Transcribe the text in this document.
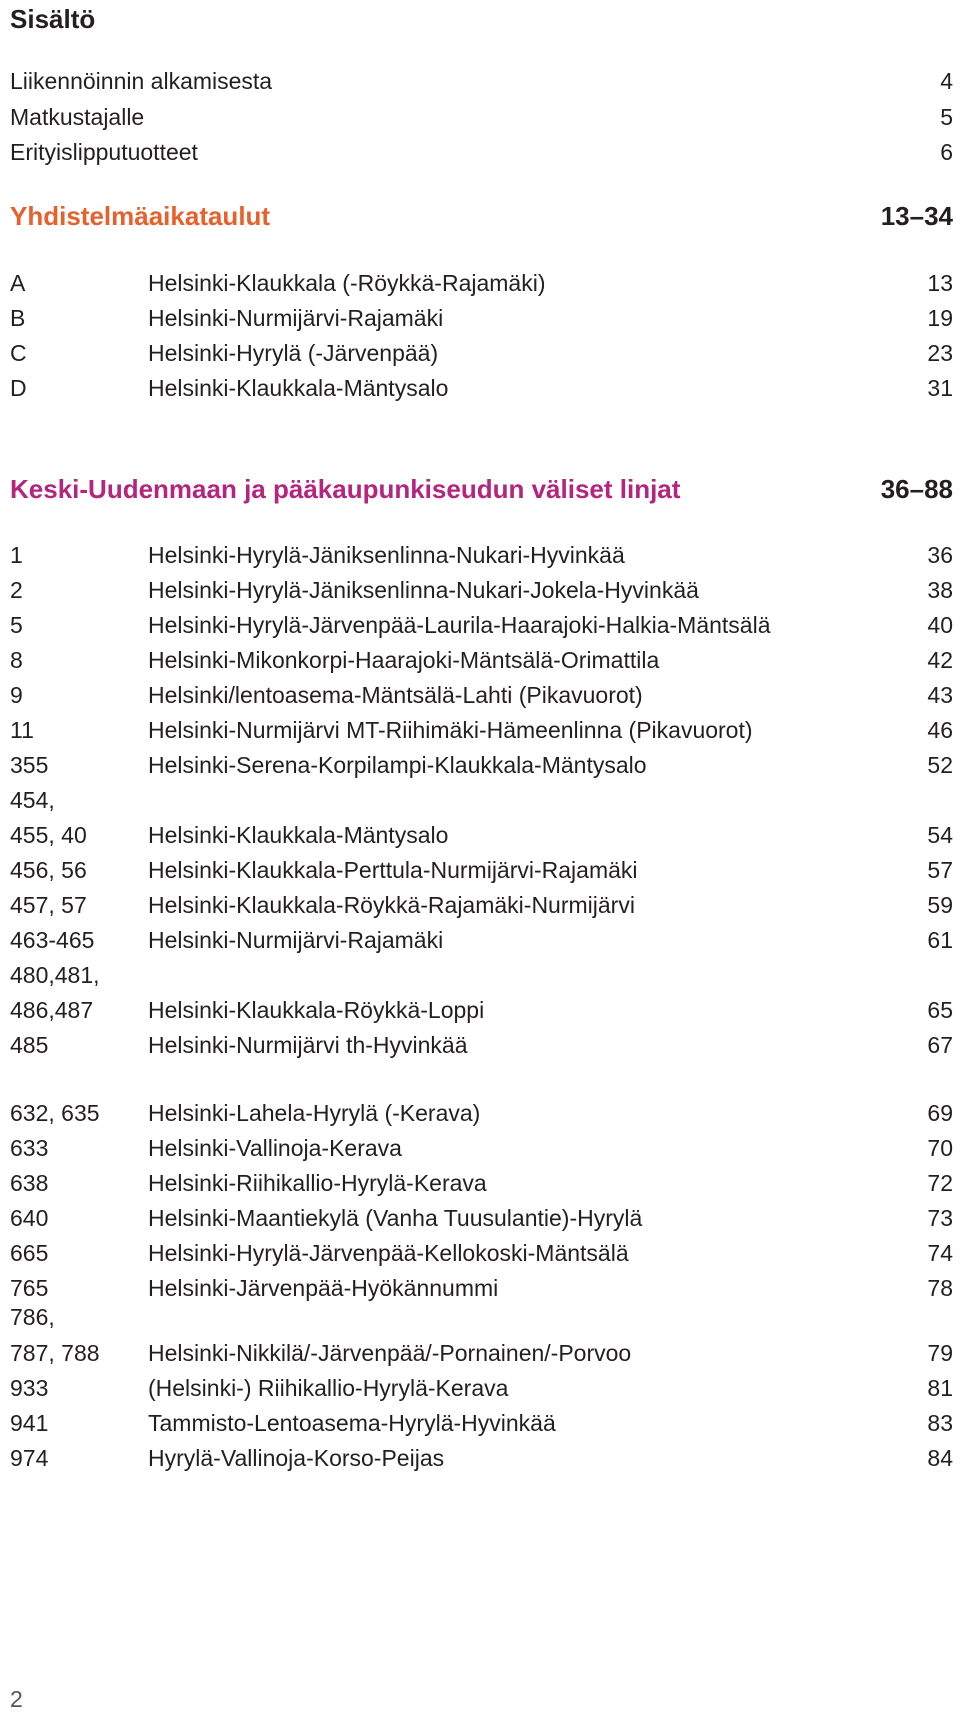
Sisältö
Liikennöinnin alkamisesta	4
Matkustajalle	5
Erityislipputuotteet	6
Yhdistelmäaikataulut	13–34
A	Helsinki-Klaukkala (-Röykkä-Rajamäki)	13
B	Helsinki-Nurmijärvi-Rajamäki	19
C	Helsinki-Hyrylä (-Järvenpää)	23
D	Helsinki-Klaukkala-Mäntysalo	31
Keski-Uudenmaan ja pääkaupunkiseudun väliset linjat	36–88
1	Helsinki-Hyrylä-Jäniksenlinna-Nukari-Hyvinkää	36
2	Helsinki-Hyrylä-Jäniksenlinna-Nukari-Jokela-Hyvinkää	38
5	Helsinki-Hyrylä-Järvenpää-Laurila-Haarajoki-Halkia-Mäntsälä	40
8	Helsinki-Mikonkorpi-Haarajoki-Mäntsälä-Orimattila	42
9	Helsinki/lentoasema-Mäntsälä-Lahti (Pikavuorot)	43
11	Helsinki-Nurmijärvi MT-Riihimäki-Hämeenlinna (Pikavuorot)	46
355	Helsinki-Serena-Korpilampi-Klaukkala-Mäntysalo	52
454,
455, 40	Helsinki-Klaukkala-Mäntysalo	54
456, 56	Helsinki-Klaukkala-Perttula-Nurmijärvi-Rajamäki	57
457, 57	Helsinki-Klaukkala-Röykkä-Rajamäki-Nurmijärvi	59
463-465 Helsinki-Nurmijärvi-Rajamäki	61
480,481,
486,487 Helsinki-Klaukkala-Röykkä-Loppi	65
485	Helsinki-Nurmijärvi th-Hyvinkää	67
632, 635 Helsinki-Lahela-Hyrylä (-Kerava)	69
633	Helsinki-Vallinoja-Kerava	70
638	Helsinki-Riihikallio-Hyrylä-Kerava	72
640	Helsinki-Maantiekylä (Vanha Tuusulantie)-Hyrylä	73
665	Helsinki-Hyrylä-Järvenpää-Kellokoski-Mäntsälä	74
765	Helsinki-Järvenpää-Hyökännummi	78
786,
787, 788 Helsinki-Nikkilä/-Järvenpää/-Pornainen/-Porvoo	79
933	(Helsinki-) Riihikallio-Hyrylä-Kerava	81
941	Tammisto-Lentoasema-Hyrylä-Hyvinkää	83
974	Hyrylä-Vallinoja-Korso-Peijas	84
2
